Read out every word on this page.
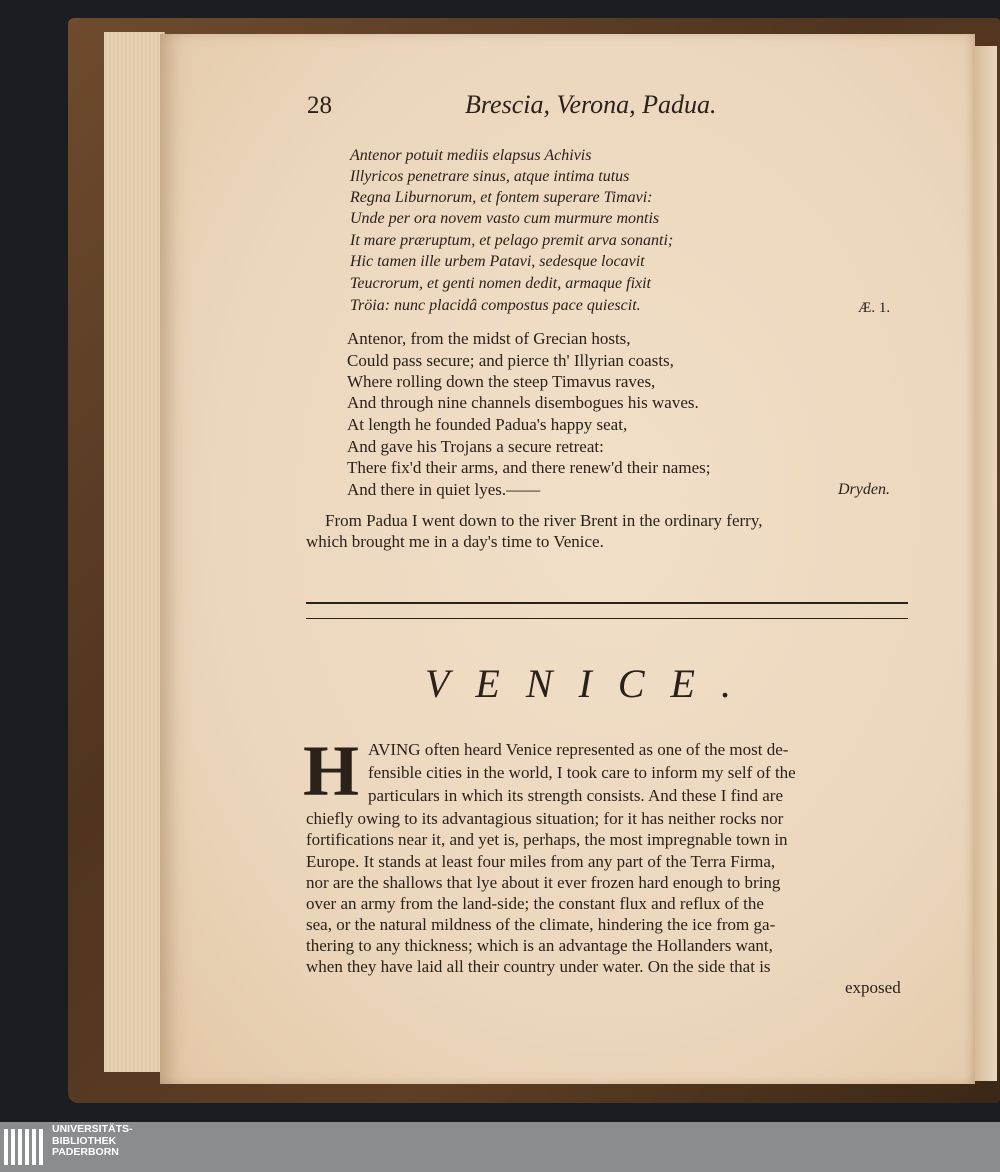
28	Brescia, Verona, Padua.
Antenor potuit mediis elapsus Achivis
Illyricos penetrare sinus, atque intima tutus
Regna Liburnorum, et fontem superare Timavi:
Unde per ora novem vasto cum murmure montis
It mare præruptum, et pelago premit arva sonanti;
Hic tamen ille urbem Patavi, sedesque locavit
Teucrorum, et genti nomen dedit, armaque fixit
Tröia: nunc placidâ compostus pace quiescit.	Æ. 1.
Antenor, from the midst of Grecian hosts,
Could pass secure; and pierce th' Illyrian coasts,
Where rolling down the steep Timavus raves,
And through nine channels disembogues his waves.
At length he founded Padua's happy seat,
And gave his Trojans a secure retreat:
There fix'd their arms, and there renew'd their names;
And there in quiet lyes.——	Dryden.
From Padua I went down to the river Brent in the ordinary ferry,
which brought me in a day's time to Venice.
VENICE.
H AVING often heard Venice represented as one of the most de-
fensible cities in the world, I took care to inform my self of the
particulars in which its strength consists. And these I find are
chiefly owing to its advantagious situation; for it has neither rocks nor
fortifications near it, and yet is, perhaps, the most impregnable town in
Europe. It stands at least four miles from any part of the Terra Firma,
nor are the shallows that lye about it ever frozen hard enough to bring
over an army from the land-side; the constant flux and reflux of the
sea, or the natural mildness of the climate, hindering the ice from ga-
thering to any thickness; which is an advantage the Hollanders want,
when they have laid all their country under water. On the side that is
exposed
UNIVERSITÄTS-
BIBLIOTHEK
PADERBORN
